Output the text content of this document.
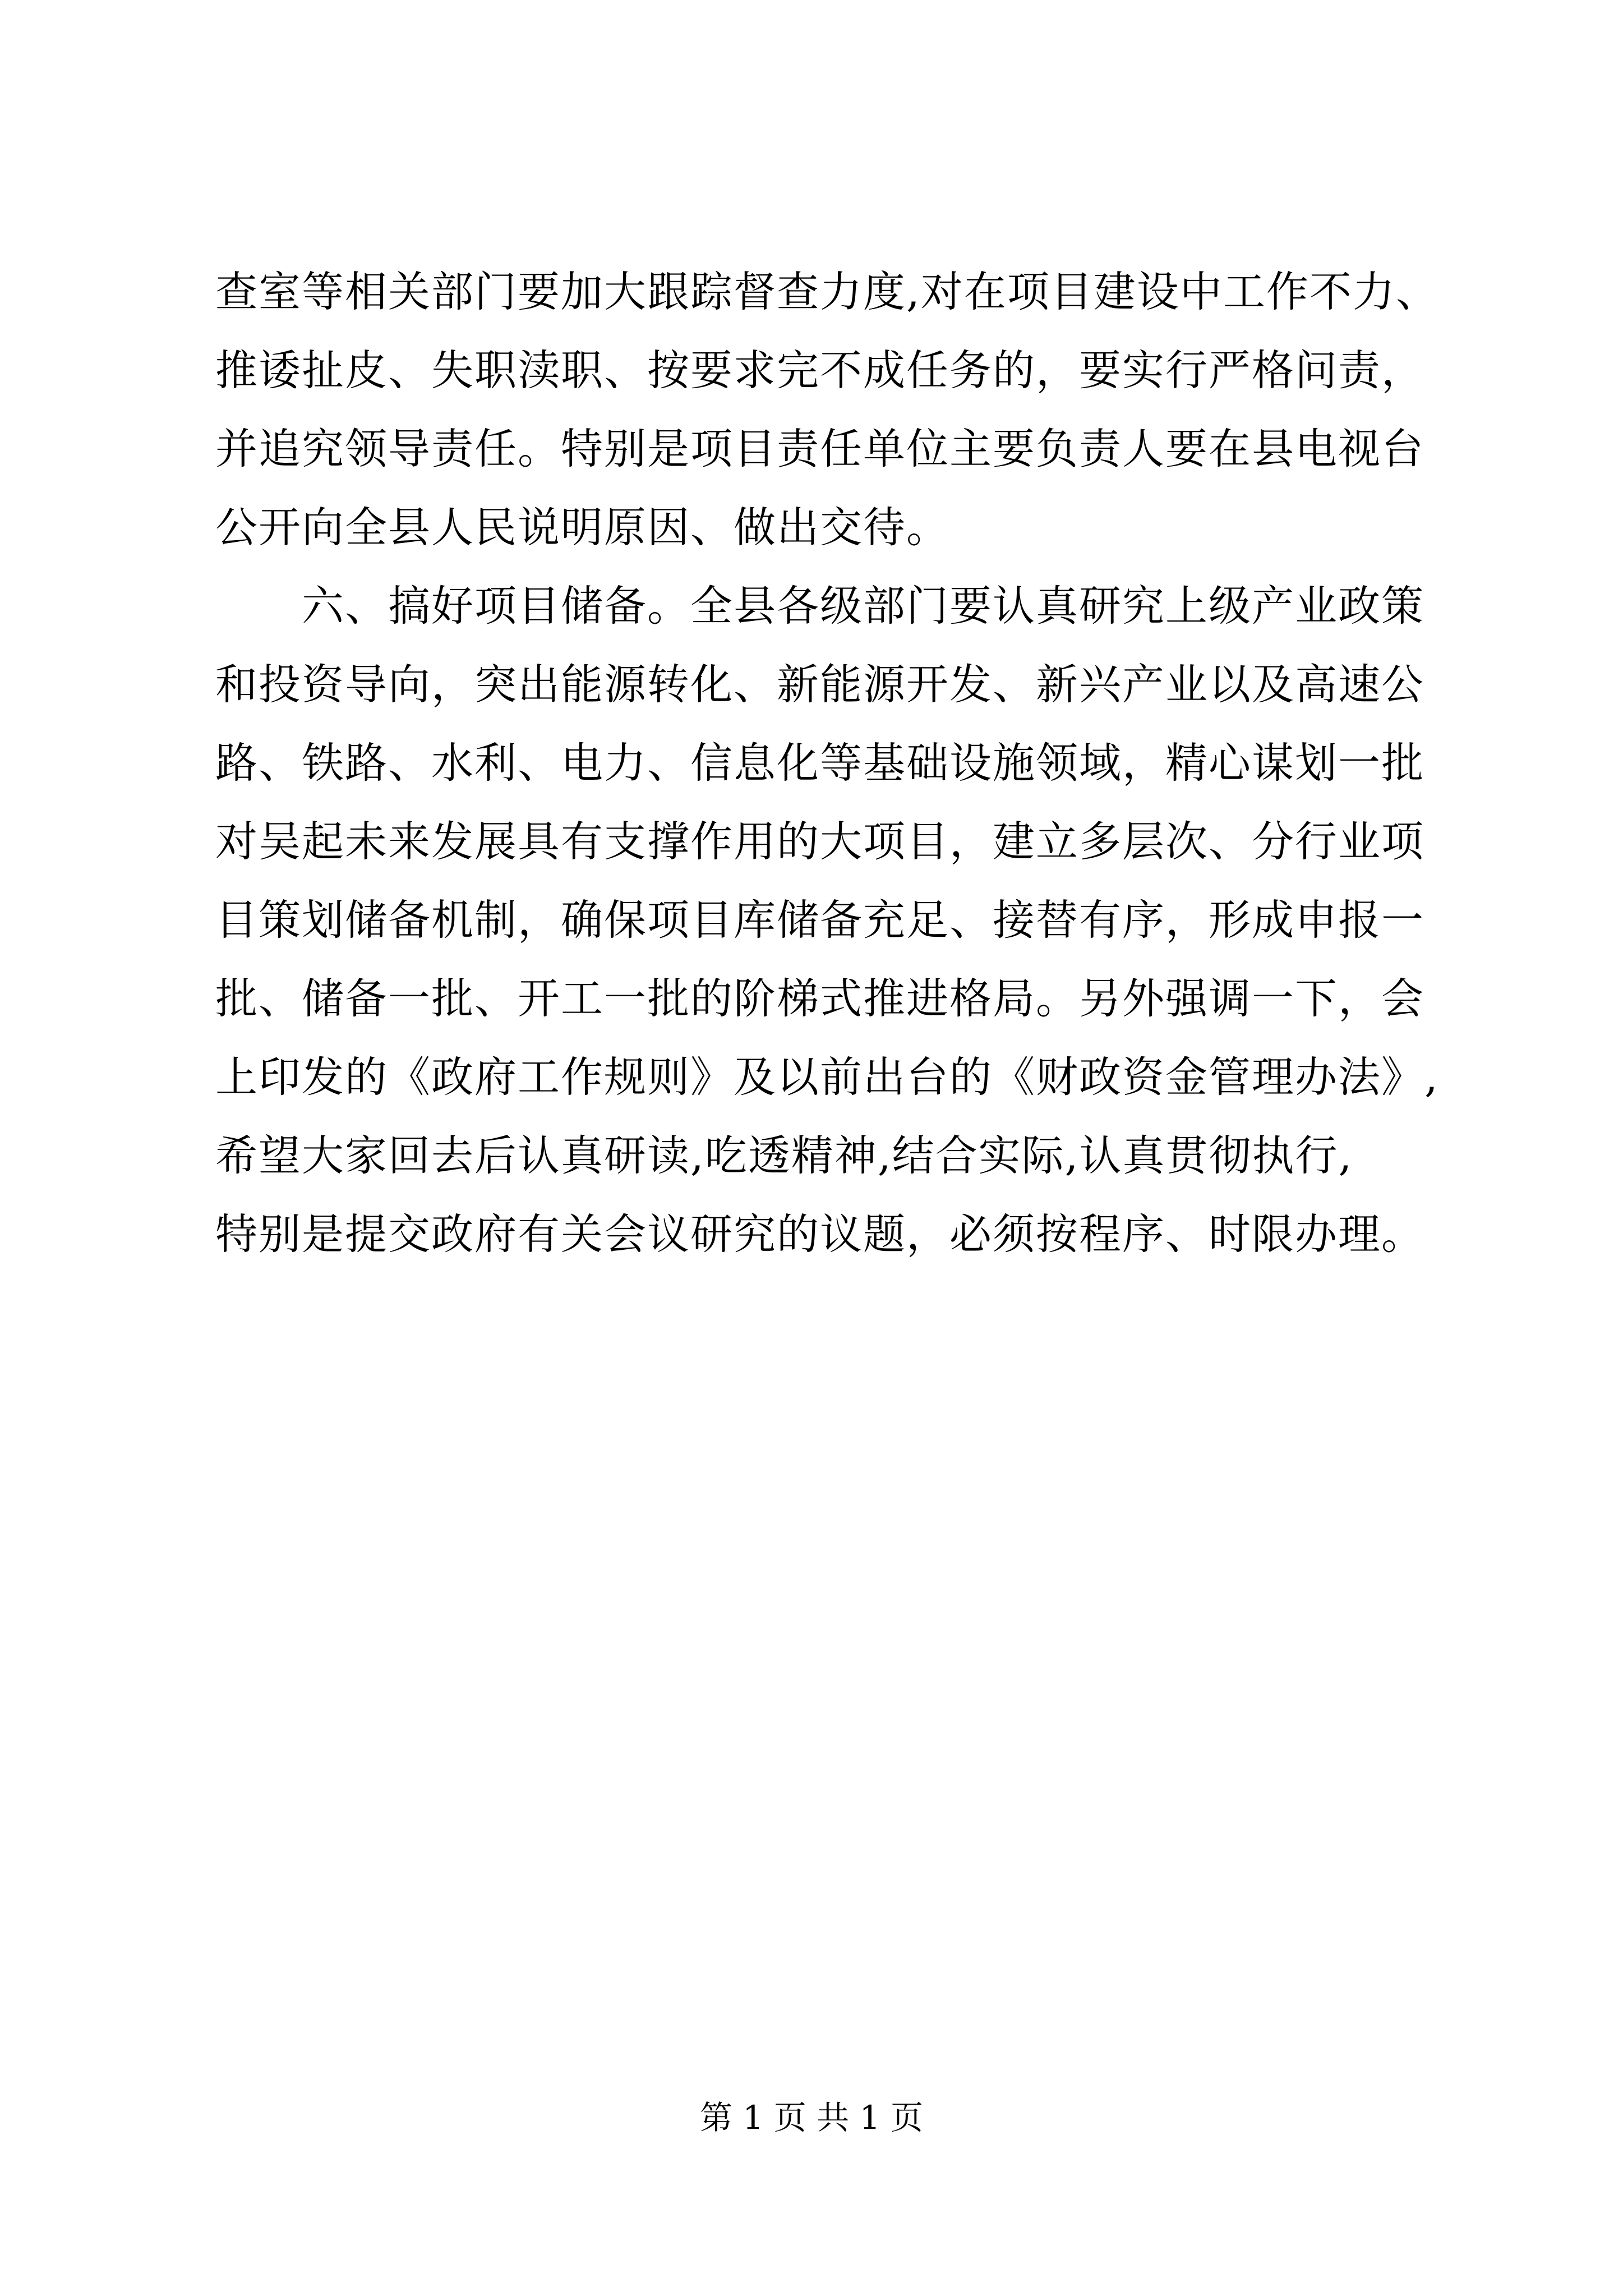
查室等相关部门要加大跟踪督查力度,对在项目建设中工作不力、
推诿扯皮、失职渎职、按要求完不成任务的，要实行严格问责，
并追究领导责任。特别是项目责任单位主要负责人要在县电视台
公开向全县人民说明原因、做出交待。
　　六、搞好项目储备。全县各级部门要认真研究上级产业政策
和投资导向，突出能源转化、新能源开发、新兴产业以及高速公
路、铁路、水利、电力、信息化等基础设施领域，精心谋划一批
对吴起未来发展具有支撑作用的大项目，建立多层次、分行业项
目策划储备机制，确保项目库储备充足、接替有序，形成申报一
批、储备一批、开工一批的阶梯式推进格局。另外强调一下，会
上印发的《政府工作规则》及以前出台的《财政资金管理办法》,
希望大家回去后认真研读,吃透精神,结合实际,认真贯彻执行,
特别是提交政府有关会议研究的议题，必须按程序、时限办理。
第 1 页 共 1 页
